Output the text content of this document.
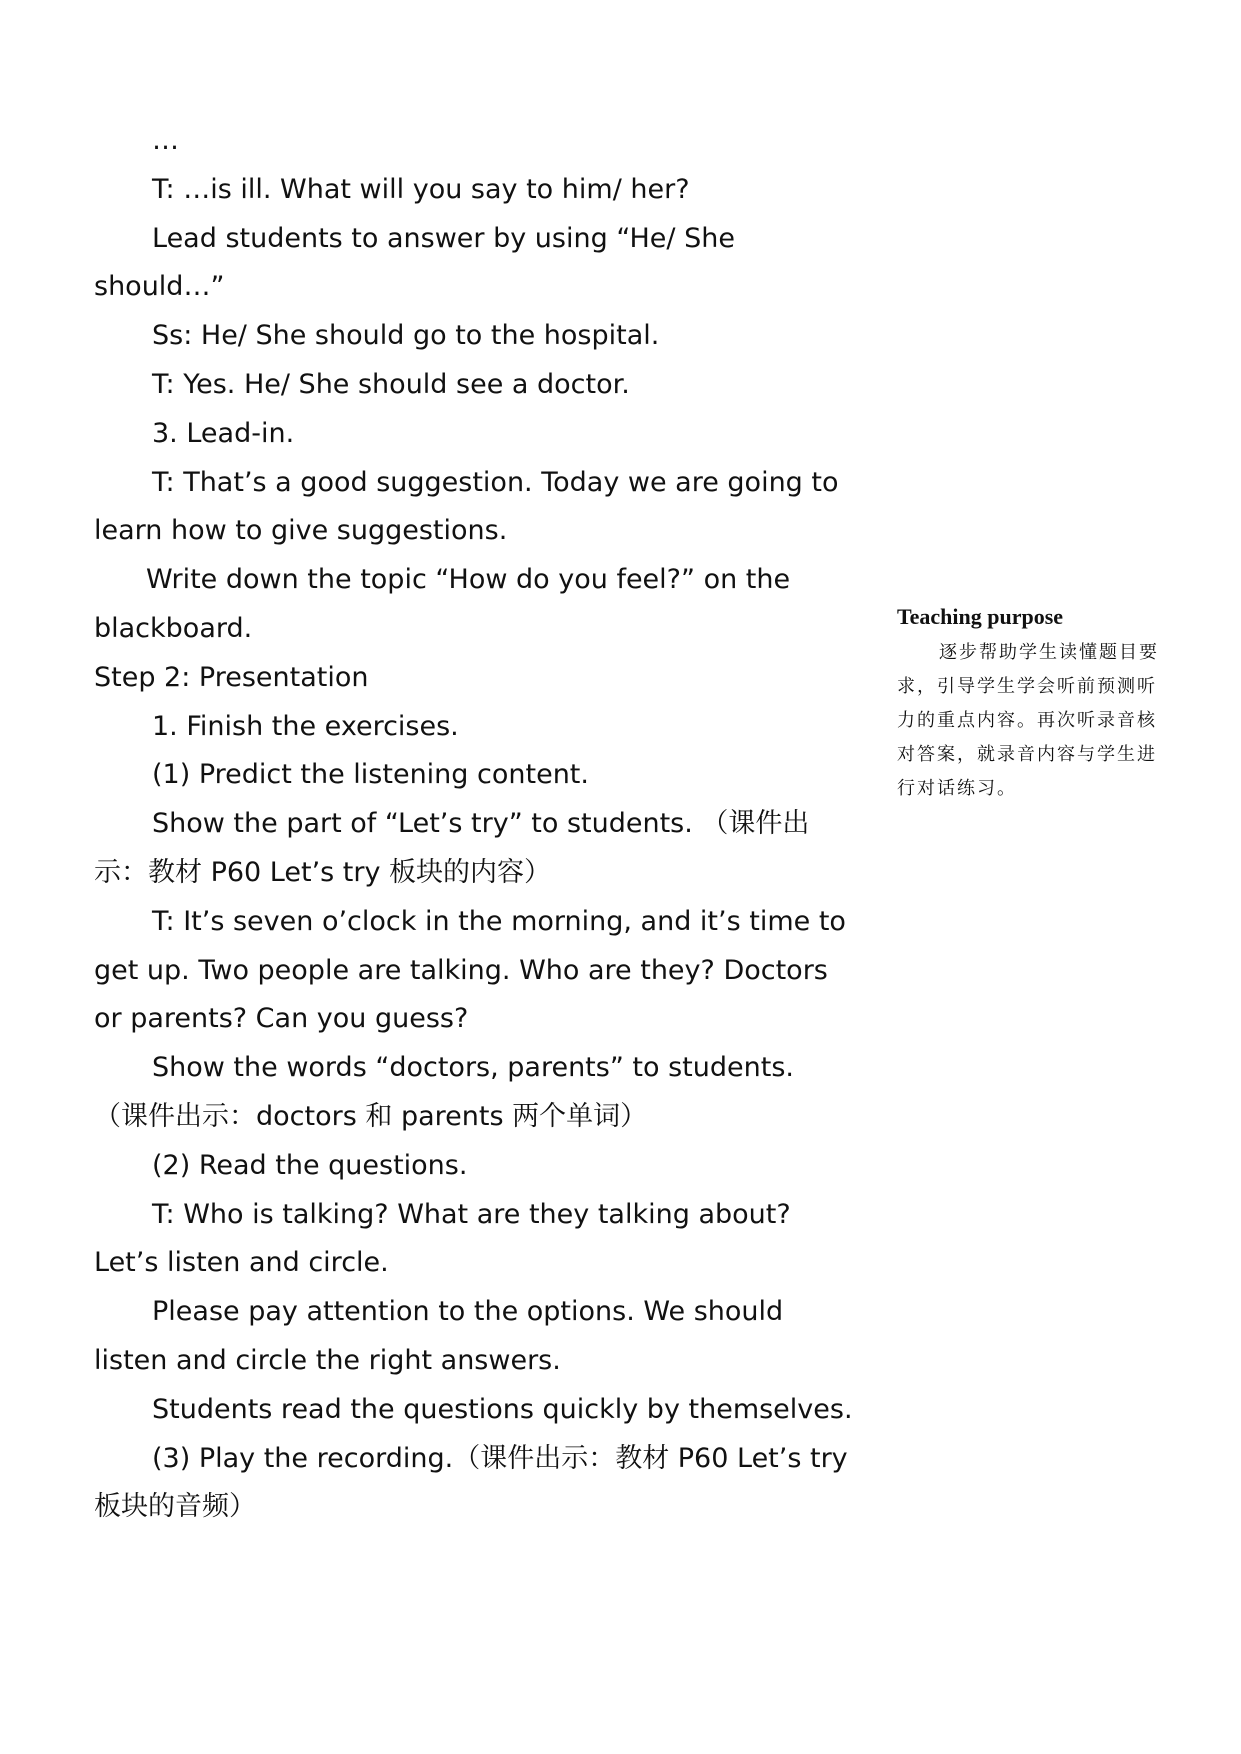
…

T: …is ill. What will you say to him/ her?

Lead students to answer by using “He/ She should…”

Ss: He/ She should go to the hospital.

T: Yes. He/ She should see a doctor.

3. Lead-in.

T: That’s a good suggestion. Today we are going to learn how to give suggestions.

Write down the topic “How do you feel?” on the blackboard.

Step 2: Presentation

1. Finish the exercises.

(1) Predict the listening content.

Show the part of “Let’s try” to students. （课件出示：教材 P60 Let’s try 板块的内容）

T: It’s seven o’clock in the morning, and it’s time to get up. Two people are talking. Who are they? Doctors or parents? Can you guess?

Show the words “doctors, parents” to students. （课件出示：doctors 和 parents 两个单词）

(2) Read the questions.

T: Who is talking? What are they talking about? Let’s listen and circle.

Please pay attention to the options. We should listen and circle the right answers.

Students read the questions quickly by themselves.

(3) Play the recording.（课件出示：教材 P60 Let’s try 板块的音频）

Teaching purpose

逐步帮助学生读懂题目要求，引导学生学会听前预测听力的重点内容。再次听录音核对答案，就录音内容与学生进行对话练习。
